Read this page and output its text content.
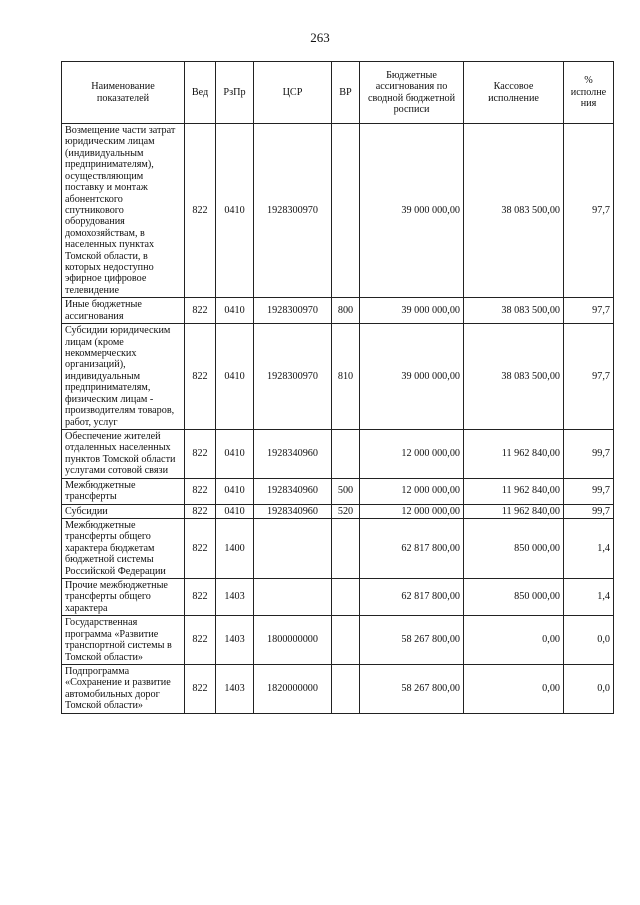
263
Наименование показателей	Вед	РзПр	ЦСР	ВР	Бюджетные ассигнования по сводной бюджетной росписи	Кассовое исполнение	% исполне ния
Возмещение части затрат юридическим лицам (индивидуальным предпринимателям), осуществляющим поставку и монтаж абонентского спутникового оборудования домохозяйствам, в населенных пунктах Томской области, в которых недоступно эфирное цифровое телевидение	822	0410	1928300970		39 000 000,00	38 083 500,00	97,7
Иные бюджетные ассигнования	822	0410	1928300970	800	39 000 000,00	38 083 500,00	97,7
Субсидии юридическим лицам (кроме некоммерческих организаций), индивидуальным предпринимателям, физическим лицам - производителям товаров, работ, услуг	822	0410	1928300970	810	39 000 000,00	38 083 500,00	97,7
Обеспечение жителей отдаленных населенных пунктов Томской области услугами сотовой связи	822	0410	1928340960		12 000 000,00	11 962 840,00	99,7
Межбюджетные трансферты	822	0410	1928340960	500	12 000 000,00	11 962 840,00	99,7
Субсидии	822	0410	1928340960	520	12 000 000,00	11 962 840,00	99,7
Межбюджетные трансферты общего характера бюджетам бюджетной системы Российской Федерации	822	1400			62 817 800,00	850 000,00	1,4
Прочие межбюджетные трансферты общего характера	822	1403			62 817 800,00	850 000,00	1,4
Государственная программа «Развитие транспортной системы в Томской области»	822	1403	1800000000		58 267 800,00	0,00	0,0
Подпрограмма «Сохранение и развитие автомобильных дорог Томской области»	822	1403	1820000000		58 267 800,00	0,00	0,0
